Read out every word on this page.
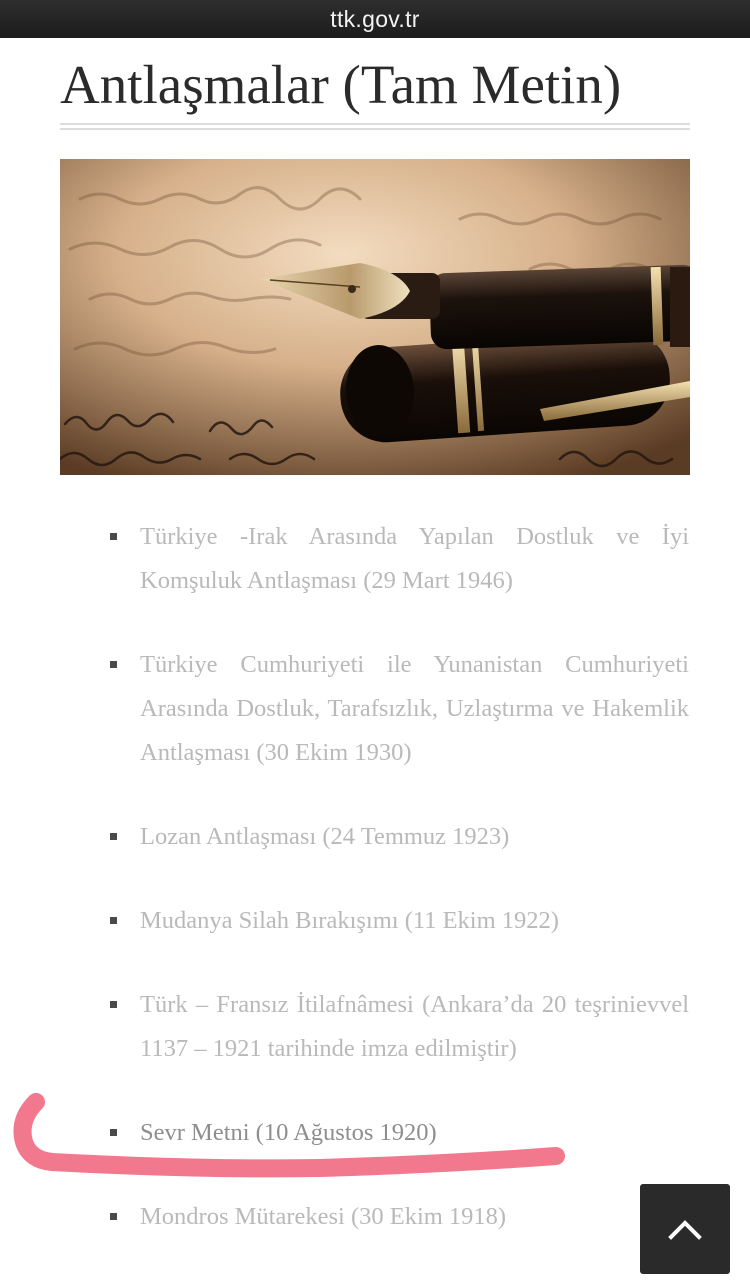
ttk.gov.tr
Antlaşmalar (Tam Metin)
Türkiye -Irak Arasında Yapılan Dostluk ve İyi Komşuluk Antlaşması (29 Mart 1946)
Türkiye Cumhuriyeti ile Yunanistan Cumhuriyeti Arasında Dostluk, Tarafsızlık, Uzlaştırma ve Hakemlik Antlaşması (30 Ekim 1930)
Lozan Antlaşması (24 Temmuz 1923)
Mudanya Silah Bırakışımı (11 Ekim 1922)
Türk – Fransız İtilafnâmesi (Ankara’da 20 teşrinievvel 1137 – 1921 tarihinde imza edilmiştir)
Sevr Metni (10 Ağustos 1920)
Mondros Mütarekesi (30 Ekim 1918)
